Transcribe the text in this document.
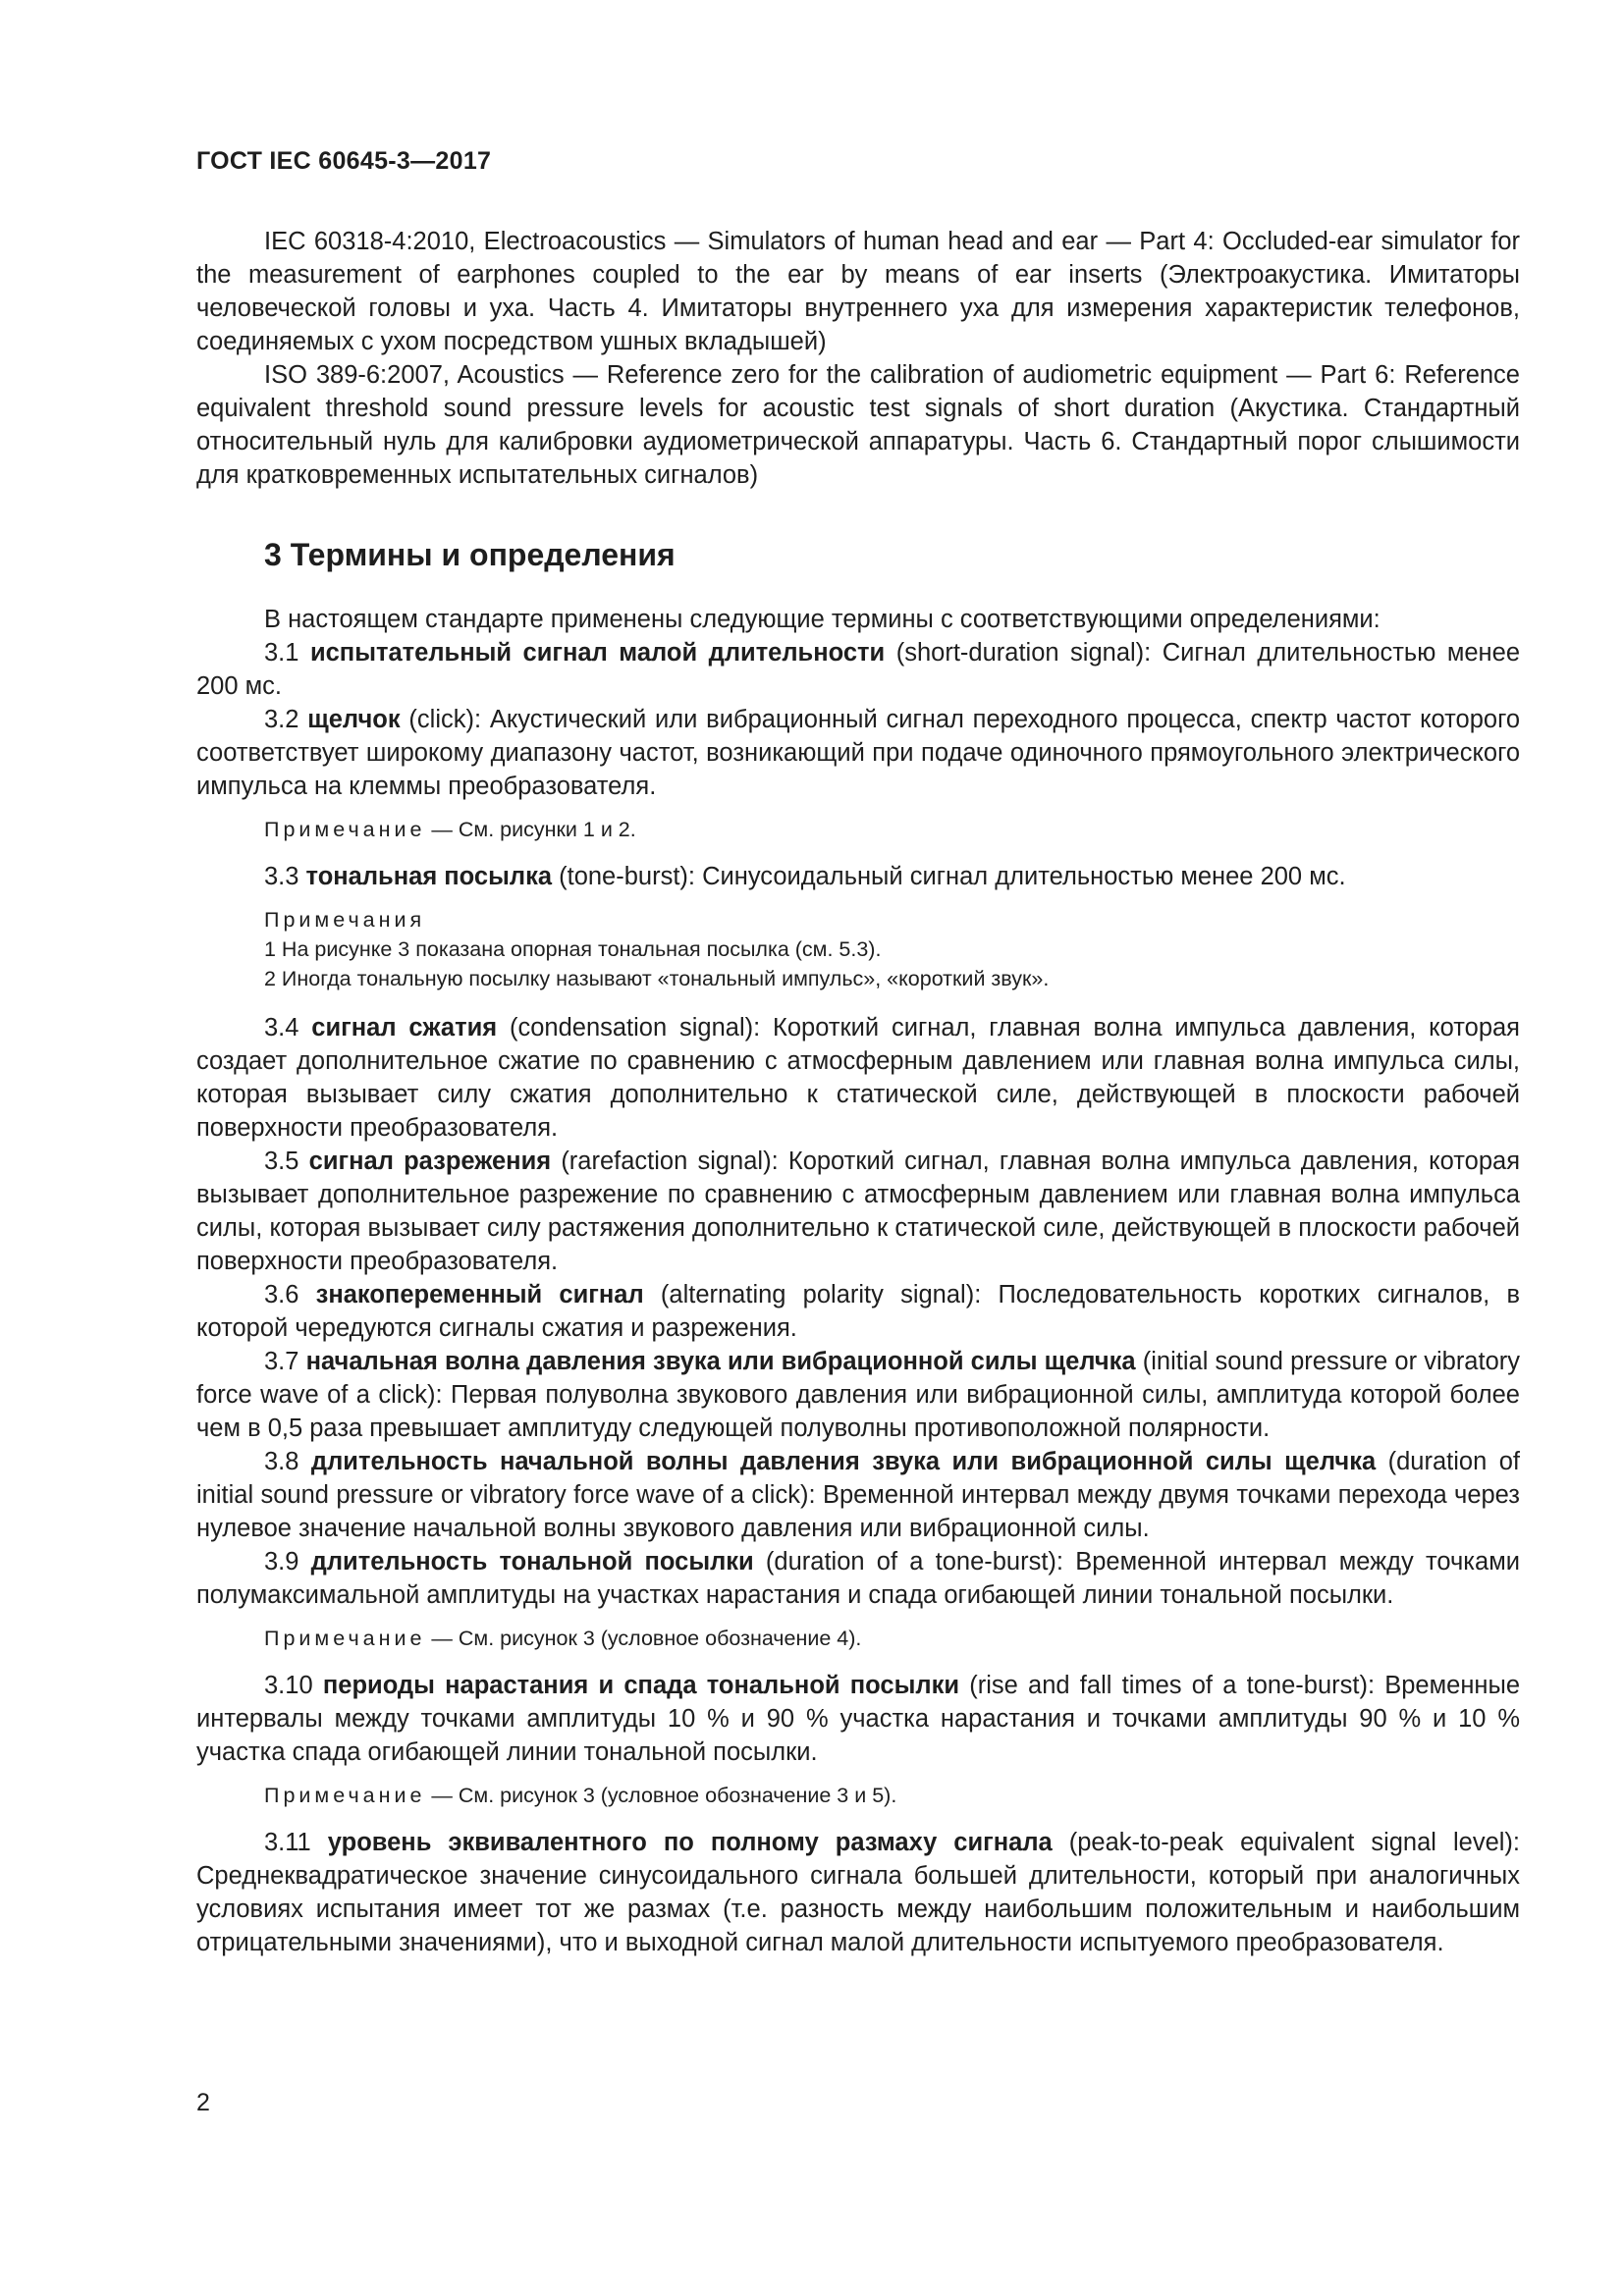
ГОСТ IEC 60645-3—2017

IEC 60318-4:2010, Electroacoustics — Simulators of human head and ear — Part 4: Occluded-ear simulator for the measurement of earphones coupled to the ear by means of ear inserts (Электроакустика. Имитаторы человеческой головы и уха. Часть 4. Имитаторы внутреннего уха для измерения характеристик телефонов, соединяемых с ухом посредством ушных вкладышей)

ISO 389-6:2007, Acoustics — Reference zero for the calibration of audiometric equipment — Part 6: Reference equivalent threshold sound pressure levels for acoustic test signals of short duration (Акустика. Стандартный относительный нуль для калибровки аудиометрической аппаратуры. Часть 6. Стандартный порог слышимости для кратковременных испытательных сигналов)

3 Термины и определения

В настоящем стандарте применены следующие термины с соответствующими определениями:

3.1 испытательный сигнал малой длительности (short-duration signal): Сигнал длительностью менее 200 мс.

3.2 щелчок (click): Акустический или вибрационный сигнал переходного процесса, спектр частот которого соответствует широкому диапазону частот, возникающий при подаче одиночного прямоугольного электрического импульса на клеммы преобразователя.

Примечание — См. рисунки 1 и 2.

3.3 тональная посылка (tone-burst): Синусоидальный сигнал длительностью менее 200 мс.

Примечания
1 На рисунке 3 показана опорная тональная посылка (см. 5.3).
2 Иногда тональную посылку называют «тональный импульс», «короткий звук».

3.4 сигнал сжатия (condensation signal): Короткий сигнал, главная волна импульса давления, которая создает дополнительное сжатие по сравнению с атмосферным давлением или главная волна импульса силы, которая вызывает силу сжатия дополнительно к статической силе, действующей в плоскости рабочей поверхности преобразователя.

3.5 сигнал разрежения (rarefaction signal): Короткий сигнал, главная волна импульса давления, которая вызывает дополнительное разрежение по сравнению с атмосферным давлением или главная волна импульса силы, которая вызывает силу растяжения дополнительно к статической силе, действующей в плоскости рабочей поверхности преобразователя.

3.6 знакопеременный сигнал (alternating polarity signal): Последовательность коротких сигналов, в которой чередуются сигналы сжатия и разрежения.

3.7 начальная волна давления звука или вибрационной силы щелчка (initial sound pressure or vibratory force wave of a click): Первая полуволна звукового давления или вибрационной силы, амплитуда которой более чем в 0,5 раза превышает амплитуду следующей полуволны противоположной полярности.

3.8 длительность начальной волны давления звука или вибрационной силы щелчка (duration of initial sound pressure or vibratory force wave of a click): Временной интервал между двумя точками перехода через нулевое значение начальной волны звукового давления или вибрационной силы.

3.9 длительность тональной посылки (duration of a tone-burst): Временной интервал между точками полумаксимальной амплитуды на участках нарастания и спада огибающей линии тональной посылки.

Примечание — См. рисунок 3 (условное обозначение 4).

3.10 периоды нарастания и спада тональной посылки (rise and fall times of a tone-burst): Временные интервалы между точками амплитуды 10 % и 90 % участка нарастания и точками амплитуды 90 % и 10 % участка спада огибающей линии тональной посылки.

Примечание — См. рисунок 3 (условное обозначение 3 и 5).

3.11 уровень эквивалентного по полному размаху сигнала (peak-to-peak equivalent signal level): Среднеквадратическое значение синусоидального сигнала большей длительности, который при аналогичных условиях испытания имеет тот же размах (т.е. разность между наибольшим положительным и наибольшим отрицательными значениями), что и выходной сигнал малой длительности испытуемого преобразователя.

2
